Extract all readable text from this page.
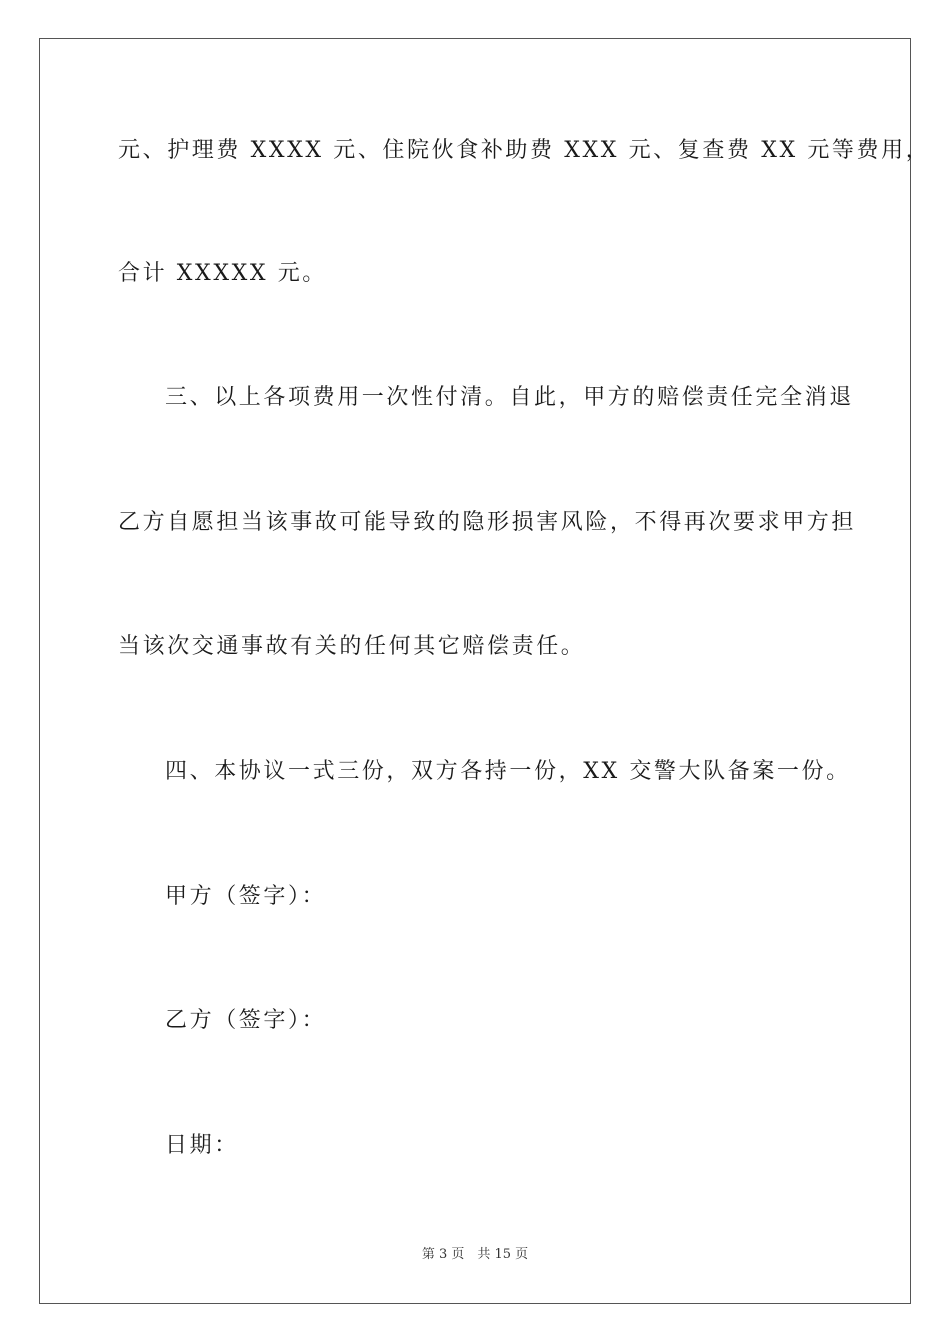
元、护理费 XXXX 元、住院伙食补助费 XXX 元、复查费 XX 元等费用，
合计 XXXXX 元。
三、以上各项费用一次性付清。自此，甲方的赔偿责任完全消退
乙方自愿担当该事故可能导致的隐形损害风险，不得再次要求甲方担
当该次交通事故有关的任何其它赔偿责任。
四、本协议一式三份，双方各持一份，XX 交警大队备案一份。
甲方（签字）：
乙方（签字）：
日期：
第 3 页　共 15 页
